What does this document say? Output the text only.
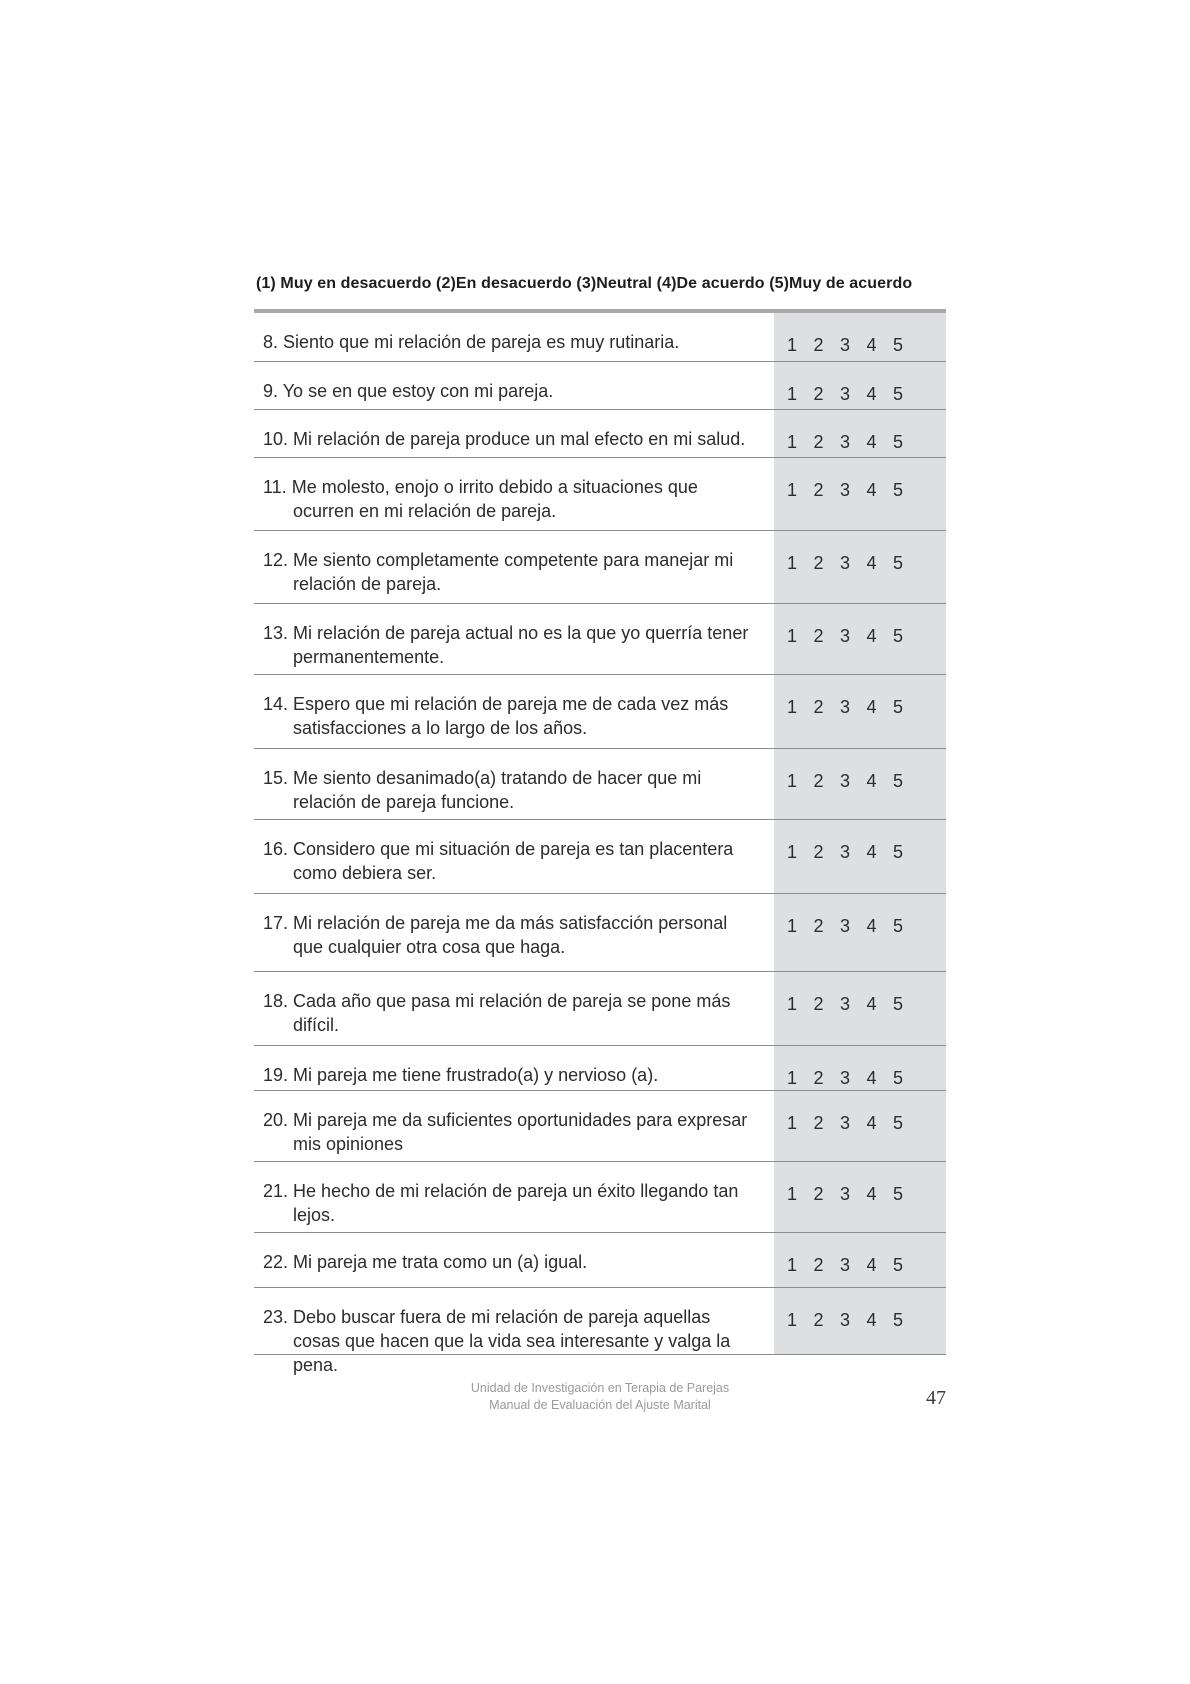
(1) Muy en desacuerdo (2)En desacuerdo (3)Neutral (4)De acuerdo (5)Muy de acuerdo
8. Siento que mi relación de pareja es muy rutinaria.	1 2 3 4 5
9. Yo se en que estoy con mi pareja.	1 2 3 4 5
10. Mi relación de pareja produce un mal efecto en mi salud.	1 2 3 4 5
11. Me molesto, enojo o irrito debido a situaciones que
ocurren en mi relación de pareja.
1 2 3 4 5
12. Me siento completamente competente para manejar mi
relación de pareja.
1 2 3 4 5
13. Mi relación de pareja actual no es la que yo querría tener
permanentemente.
1 2 3 4 5
14. Espero que mi relación de pareja me de cada vez más
satisfacciones a lo largo de los años.
1 2 3 4 5
15. Me siento desanimado(a) tratando de hacer que mi
relación de pareja funcione.
1 2 3 4 5
16. Considero que mi situación de pareja es tan placentera
como debiera ser.
1 2 3 4 5
17. Mi relación de pareja me da más satisfacción personal
que cualquier otra cosa que haga.
1 2 3 4 5
18. Cada año que pasa mi relación de pareja se pone más
difícil.
1 2 3 4 5
19. Mi pareja me tiene frustrado(a) y nervioso (a).	1 2 3 4 5
20. Mi pareja me da suficientes oportunidades para expresar
mis opiniones
1 2 3 4 5
21. He hecho de mi relación de pareja un éxito llegando tan
lejos.
1 2 3 4 5
22. Mi pareja me trata como un (a) igual.	1 2 3 4 5
23. Debo buscar fuera de mi relación de pareja aquellas
cosas que hacen que la vida sea interesante y valga la pena.
1 2 3 4 5
Unidad de Investigación en Terapia de Parejas
Manual de Evaluación del Ajuste Marital	47
